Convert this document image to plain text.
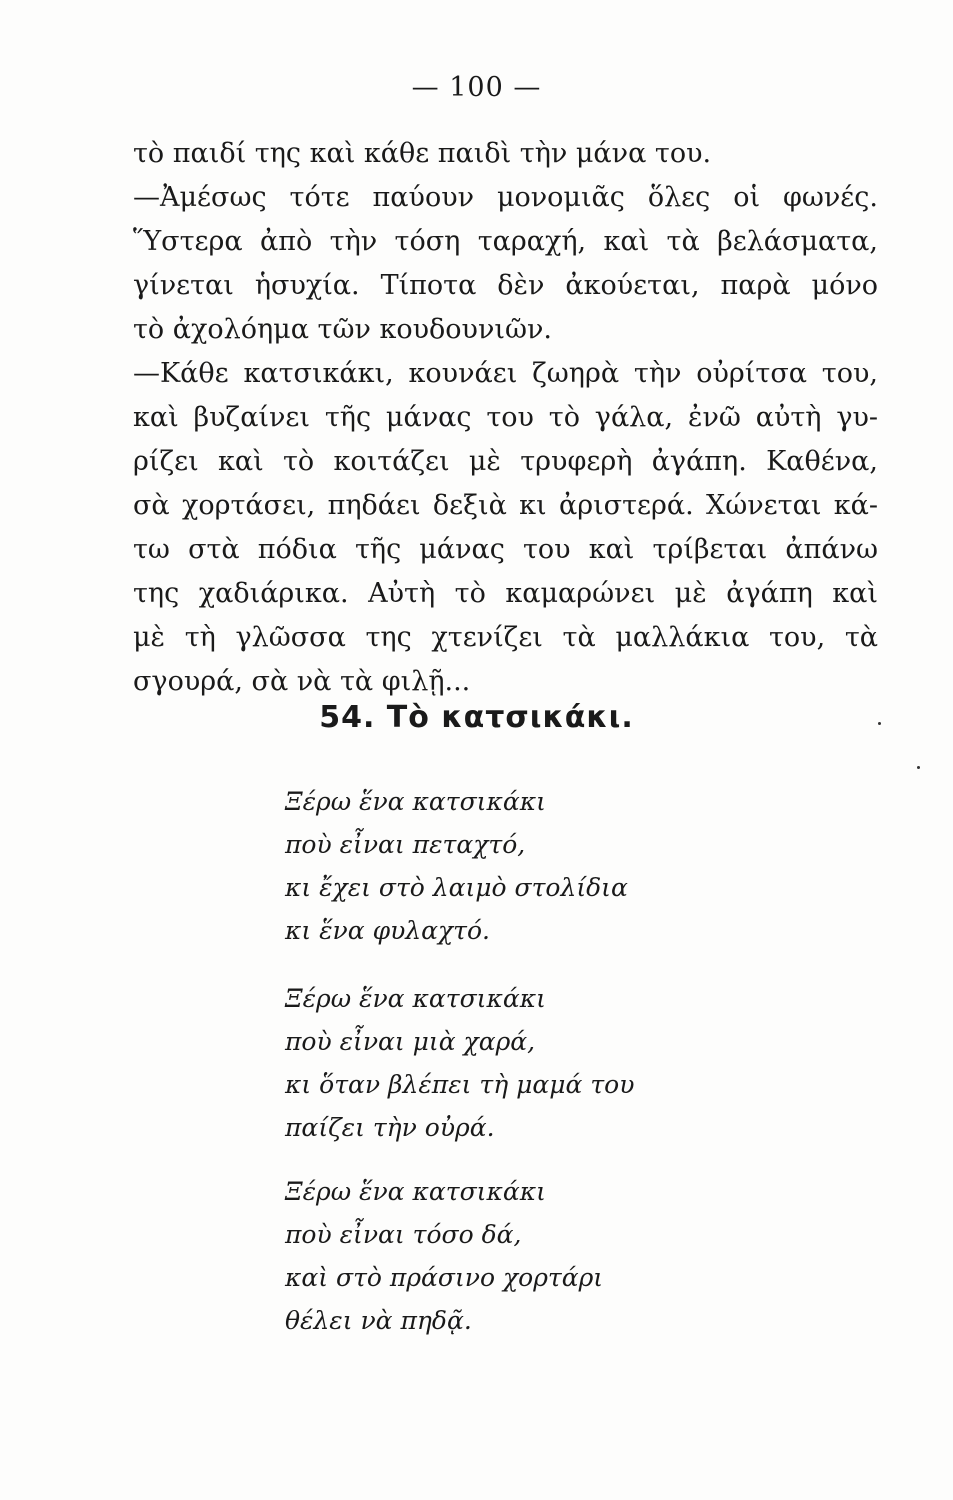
— 100 —
τὸ παιδί της καὶ κάθε παιδὶ τὴν μάνα του.
—Ἀμέσως τότε παύουν μονομιᾶς ὅλες οἱ φωνές.
Ὕστερα ἀπὸ τὴν τόση ταραχή, καὶ τὰ βελάσματα,
γίνεται ἡσυχία. Τίποτα δὲν ἀκούεται, παρὰ μόνο
τὸ ἀχολόημα τῶν κουδουνιῶν.
—Κάθε κατσικάκι, κουνάει ζωηρὰ τὴν οὐρίτσα του,
καὶ βυζαίνει τῆς μάνας του τὸ γάλα, ἐνῶ αὐτὴ γυ-
ρίζει καὶ τὸ κοιτάζει μὲ τρυφερὴ ἀγάπη. Καθένα,
σὰ χορτάσει, πηδάει δεξιὰ κι ἀριστερά. Χώνεται κά-
τω στὰ πόδια τῆς μάνας του καὶ τρίβεται ἀπάνω
της χαδιάρικα. Αὐτὴ τὸ καμαρώνει μὲ ἀγάπη καὶ
μὲ τὴ γλῶσσα της χτενίζει τὰ μαλλάκια του, τὰ
σγουρά, σὰ νὰ τὰ φιλῇ...
54. Τὸ κατσικάκι.
Ξέρω ἕνα κατσικάκι
ποὺ εἶναι πεταχτό,
κι ἔχει στὸ λαιμὸ στολίδια
κι ἕνα φυλαχτό.
Ξέρω ἕνα κατσικάκι
ποὺ εἶναι μιὰ χαρά,
κι ὅταν βλέπει τὴ μαμά του
παίζει τὴν οὐρά.
Ξέρω ἕνα κατσικάκι
ποὺ εἶναι τόσο δά,
καὶ στὸ πράσινο χορτάρι
θέλει νὰ πηδᾷ.
